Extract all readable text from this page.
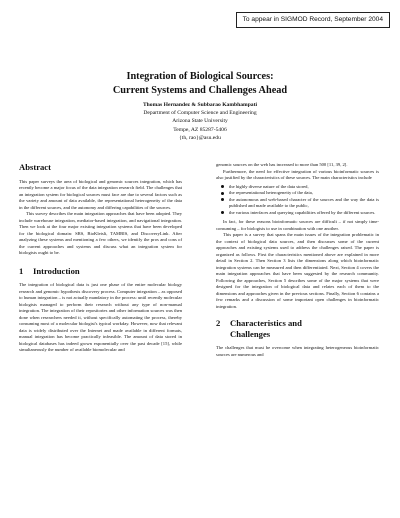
To appear in SIGMOD Record, September 2004
Integration of Biological Sources:
Current Systems and Challenges Ahead
Thomas Hernandez & Subbarao Kambhampati
Department of Computer Science and Engineering
Arizona State University
Tempe, AZ 85287-5406
{th, rao}@asu.edu
Abstract

This paper surveys the area of biological and genomic sources integration, which has recently become a major focus of the data integration research field. The challenges that an integration system for biological sources must face are due to several factors such as the variety and amount of data available, the representational heterogeneity of the data in the different sources, and the autonomy and differing capabilities of the sources.

This survey describes the main integration approaches that have been adopted. They include warehouse integration, mediator-based integration, and navigational integration. Then we look at the four major existing integration systems that have been developed for the biological domain: SRS, BioKleisli, TAMBIS, and DiscoveryLink. After analyzing these systems and mentioning a few others, we identify the pros and cons of the current approaches and systems and discuss what an integration system for biologists ought to be.

1 Introduction

The integration of biological data is just one phase of the entire molecular biology research and genomic hypothesis discovery process. Computer integration – as opposed to human integration – is not actually mandatory in the process: until recently molecular biologists managed to perform their research without any type of non-manual integration. The integration of their repositories and other information sources was then done when researchers needed it, without specifically automating the process, thereby consuming most of a molecular biologist's typical workday. However, now that relevant data is widely distributed over the Internet and made available in different formats, manual integration has become practically infeasible. The amount of data stored in biological databases has indeed grown exponentially over the past decade [15], while simultaneously the number of available biomolecular and

genomic sources on the web has increased to more than 500 [11, 39, 2].

Furthermore, the need for effective integration of various bioinformatic sources is also justified by the characteristics of these sources. The main characteristics include

the highly diverse nature of the data stored,
the representational heterogeneity of the data,
the autonomous and web-based character of the sources and the way the data is published and made available to the public,
the various interfaces and querying capabilities offered by the different sources.

In fact, for these reasons bioinformatic sources are difficult – if not simply time-consuming – for biologists to use in combination with one another.

This paper is a survey that spans the main issues of the integration problematic in the context of biological data sources, and then discusses some of the current approaches and existing systems used to address the challenges raised. The paper is organized as follows. First the characteristics mentioned above are explained in more detail in Section 2. Then Section 3 lists the dimensions along which bioinformatic integration systems can be measured and then differentiated. Next, Section 4 covers the main integration approaches that have been suggested by the research community. Following the approaches, Section 5 describes some of the major systems that were designed for the integration of biological data and relates each of them to the dimensions and approaches given in the previous sections. Finally, Section 6 contains a few remarks and a discussion of some important open challenges in bioinformatic integration.

2 Characteristics and
Challenges

The challenges that must be overcome when integrating heterogeneous bioinformatic sources are numerous and
